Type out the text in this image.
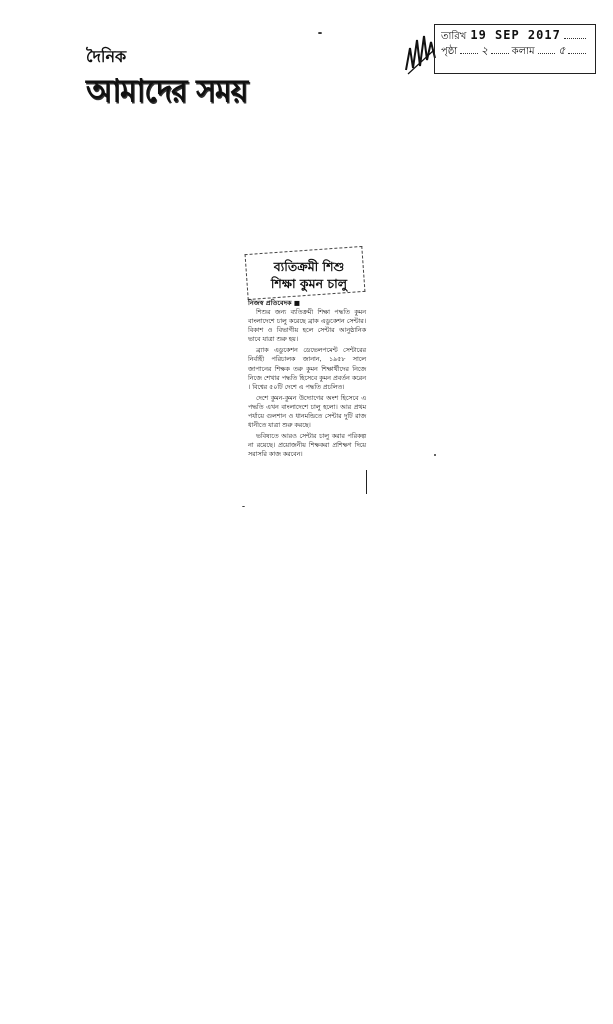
দৈনিক
আমাদের সময়
তারিখ 19 SEP 2017
পৃষ্ঠা ২ কলাম ৫
ব্যতিক্রমী শিশু
শিক্ষা কুমন চালু
নিজস্ব প্রতিবেদক ■

শিশুর জন্য ব্যতিক্রমী শিক্ষা পদ্ধতি কুমন বাংলাদেশে চালু করেছে ব্রাক এডুকেশন সেন্টার। বিকাশ ও বিভাগীয় হলে সেন্টার আনুষ্ঠানিক ভাবে যাত্রা শুরু হয়।

ব্র্যাক এডুকেশন ডেভেলপমেন্ট সেন্টারের নির্বাহী পরিচালক জানান, ১৯৫৮ সালে জাপানের শিক্ষক তরু কুমন শিক্ষার্থীদের নিজে নিজে শেখার পদ্ধতি হিসেবে কুমন প্রবর্তন করেন। বিশ্বের ৫০টি দেশে এ পদ্ধতি প্রচলিত।

দেশে কুমন-কুমন উদ্যোগের অংশ হিসেবে এ পদ্ধতি এখন বাংলাদেশে চালু হলো। আর প্রথম পর্যায়ে গুলশান ও ধানমন্ডিতে সেন্টার দুটি রাজধানীতে যাত্রা শুরু করছে।

ভবিষ্যতে আরও সেন্টার চালু করার পরিকল্পনা রয়েছে। প্রয়োজনীয় শিক্ষকরা প্রশিক্ষণ দিয়ে সরাসরি কাজ করবেন।
